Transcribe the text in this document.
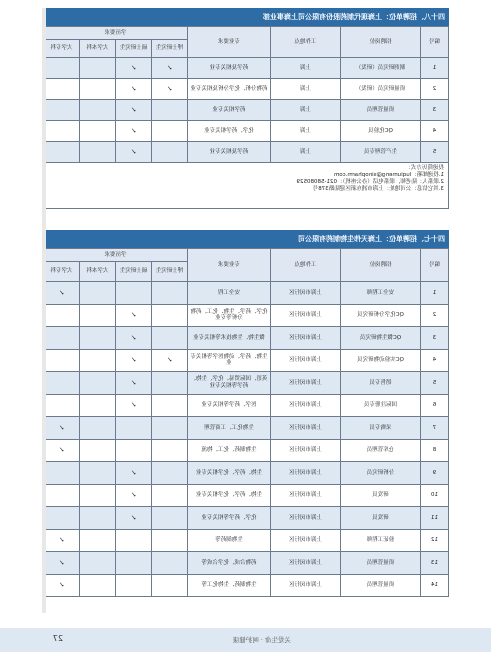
四十八、招聘单位：上海现代制药股份有限公司上海事业部
编号	招聘岗位	工作地点	专业要求	学历要求			
				博士研究生	硕士研究生	大学本科	大学专科
1	制剂研究员（研发）	上海	药学及相关专业	✓	✓		
2	质量研究员（研发）	上海	药物分析、化学分析及相关专业	✓	✓		
3	质量管理员	上海	药学相关专业		✓		
4	QC化验员	上海	化学、药学相关专业		✓		
5	生产管理专员	上海	药学及相关专业		✓		
投递简历方式：
1.投递邮箱：luqiumeng@sinopharm.com
2.联系人：陆老师，联系电话（办公座机）：021-58080529
3.其它信息：公司地址：上海市浦东新区建陆路378号
四十七、招聘单位：上海天伟生物制药有限公司
编号	招聘岗位	工作地点	专业要求	学历要求			
				博士研究生	硕士研究生	大学本科	大学专科
1	安全工程师	上海市闵行区	安全工程				✓
2	QC化学分析研究员	上海市闵行区	化学、药学、生物、化工、药物分析等专业		✓		
3	QC微生物研究员	上海市闵行区	微生物、生物技术等相关专业		✓		
4	QC实验动物研究员	上海市闵行区	生物、药学、动物医学等相关专业	✓	✓		
5	销售专员	上海市闵行区	英语、国际贸易、化学、生物、药学等相关专业		✓		
6	国际注册专员	上海市闵行区	医学、药学等相关专业		✓		
7	采购专员	上海市闵行区	生物化工、工商管理				✓
8	仓库管理员	上海市闵行区	生物制药、化工、物流				✓
9	分析研究员	上海市闵行区	生物、药学、化学相关专业		✓		
10	研发员	上海市闵行区	生物、药学、化学相关专业		✓		
11	研发员	上海市闵行区	化学、药学等相关专业		✓		
12	验证工程师	上海市闵行区	生物制药等				✓
13	质量管理员	上海市闵行区	药物合成、化学合成等				✓
14	质量管理员	上海市闵行区	生物制药、生物化工等				✓
27	关爱生命 · 呵护健康
